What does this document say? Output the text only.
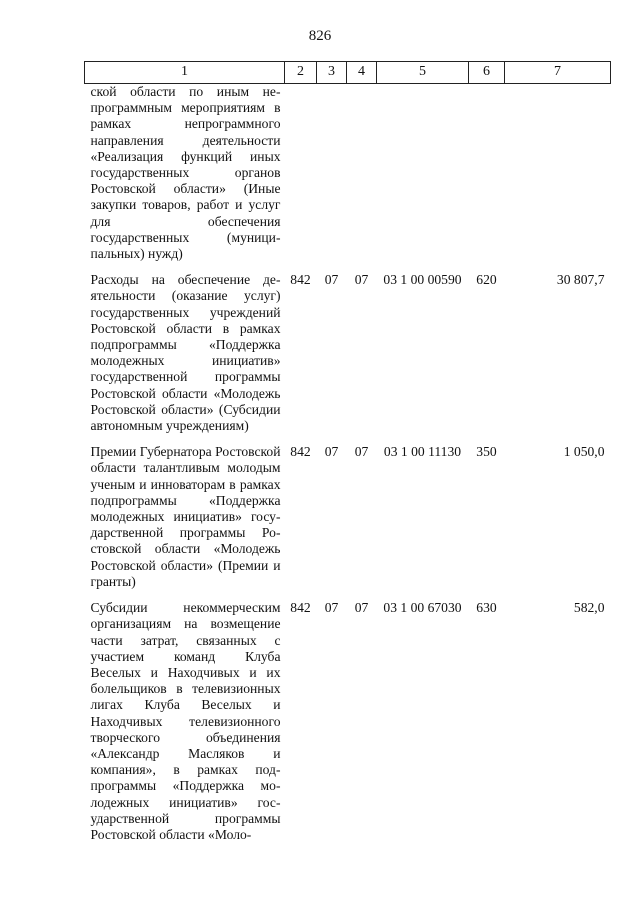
826
1	2	3	4	5	6	7
ской области по иным непрограммным мероприятиям в рамках непрограммного направления деятельности «Реализация функций иных государственных органов Ростовской области» (Иные закупки товаров, работ и услуг для обеспечения государственных (муниципальных) нужд)						
Расходы на обеспечение деятельности (оказание услуг) государственных учреждений Ростовской области в рамках подпрограммы «Поддержка молодежных инициатив» государственной программы Ростовской области «Молодежь Ростовской области» (Субсидии автономным учреждениям)	842	07	07	03 1 00 00590	620	30 807,7
Премии Губернатора Ростовской области талантливым молодым ученым и инноваторам в рамках подпрограммы «Поддержка молодежных инициатив» государственной программы Ростовской области «Молодежь Ростовской области» (Премии и гранты)	842	07	07	03 1 00 11130	350	1 050,0
Субсидии некоммерческим организациям на возмещение части затрат, связанных с участием команд Клуба Веселых и Находчивых и их болельщиков в телевизионных лигах Клуба Веселых и Находчивых телевизионного творческого объединения «Александр Масляков и компания», в рамках подпрограммы «Поддержка молодежных инициатив» государственной программы Ростовской области «Моло-	842	07	07	03 1 00 67030	630	582,0
